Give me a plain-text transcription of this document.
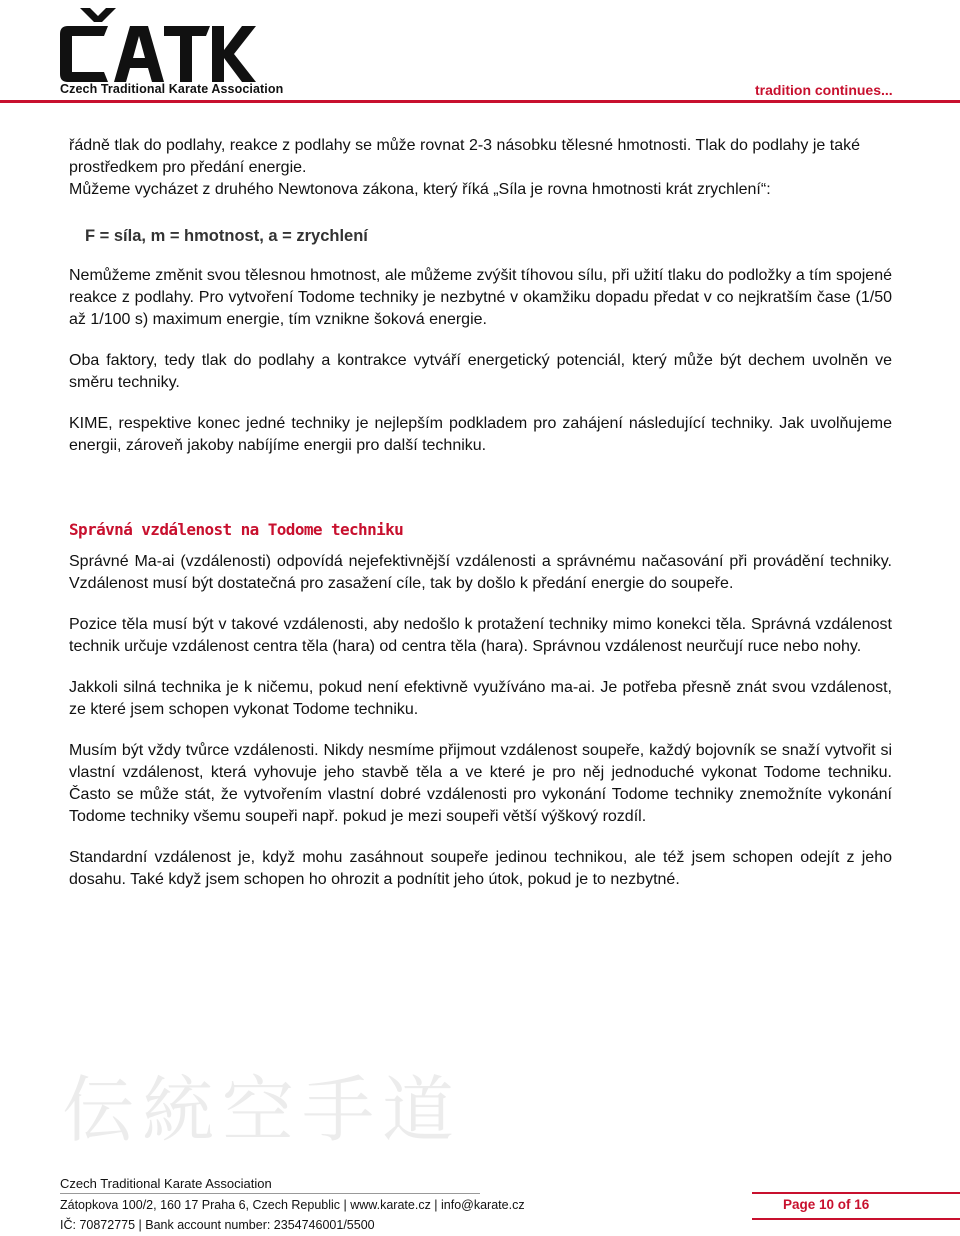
Czech Traditional Karate Association	tradition continues...

řádně tlak do podlahy, reakce z podlahy se může rovnat 2-3 násobku tělesné hmotnosti. Tlak do podlahy je také prostředkem pro předání energie.

Můžeme vycházet z druhého Newtonova zákona, který říká „Síla je rovna hmotnosti krát zrychlení“:

F = síla, m = hmotnost, a = zrychlení

Nemůžeme změnit svou tělesnou hmotnost, ale můžeme zvýšit tíhovou sílu, při užití tlaku do podložky a tím spojené reakce z podlahy. Pro vytvoření Todome techniky je nezbytné v okamžiku dopadu předat v co nejkratším čase (1/50 až 1/100 s) maximum energie, tím vznikne šoková energie.

Oba faktory, tedy tlak do podlahy a kontrakce vytváří energetický potenciál, který může být dechem uvolněn ve směru techniky.

KIME, respektive konec jedné techniky je nejlepším podkladem pro zahájení následující techniky. Jak uvolňujeme energii, zároveň jakoby nabíjíme energii pro další techniku.

Správná vzdálenost na Todome techniku

Správné Ma-ai (vzdálenosti) odpovídá nejefektivnější vzdálenosti a správnému načasování při provádění techniky. Vzdálenost musí být dostatečná pro zasažení cíle, tak by došlo k předání energie do soupeře.

Pozice těla musí být v takové vzdálenosti, aby nedošlo k protažení techniky mimo konekci těla. Správná vzdálenost technik určuje vzdálenost centra těla (hara) od centra těla (hara). Správnou vzdálenost neurčují ruce nebo nohy.

Jakkoli silná technika je k ničemu, pokud není efektivně využíváno ma-ai. Je potřeba přesně znát svou vzdálenost, ze které jsem schopen vykonat Todome techniku.

Musím být vždy tvůrce vzdálenosti. Nikdy nesmíme přijmout vzdálenost soupeře, každý bojovník se snaží vytvořit si vlastní vzdálenost, která vyhovuje jeho stavbě těla a ve které je pro něj jednoduché vykonat Todome techniku. Často se může stát, že vytvořením vlastní dobré vzdálenosti pro vykonání Todome techniky znemožníte vykonání Todome techniky všemu soupeři např. pokud je mezi soupeři větší výškový rozdíl.

Standardní vzdálenost je, když mohu zasáhnout soupeře jedinou technikou, ale též jsem schopen odejít z jeho dosahu. Také když jsem schopen ho ohrozit a podnítit jeho útok, pokud je to nezbytné.

伝統空手道
Czech Traditional Karate Association
Zátopkova 100/2, 160 17 Praha 6, Czech Republic | www.karate.cz | info@karate.cz
IČ: 70872775 | Bank account number: 2354746001/5500
Page 10 of 16
